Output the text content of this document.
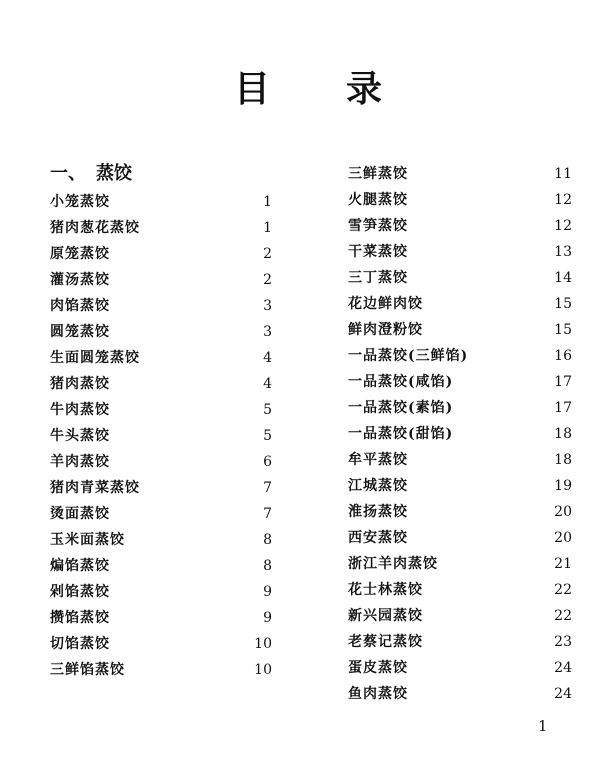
目 录
一、 蒸饺
小笼蒸饺	1
猪肉葱花蒸饺	1
原笼蒸饺	2
灌汤蒸饺	2
肉馅蒸饺	3
圆笼蒸饺	3
生面圆笼蒸饺	4
猪肉蒸饺	4
牛肉蒸饺	5
牛头蒸饺	5
羊肉蒸饺	6
猪肉青菜蒸饺	7
烫面蒸饺	7
玉米面蒸饺	8
煸馅蒸饺	8
剁馅蒸饺	9
攒馅蒸饺	9
切馅蒸饺	10
三鲜馅蒸饺	10
三鲜蒸饺	11
火腿蒸饺	12
雪笋蒸饺	12
干菜蒸饺	13
三丁蒸饺	14
花边鲜肉饺	15
鲜肉澄粉饺	15
一品蒸饺(三鲜馅)	16
一品蒸饺(咸馅)	17
一品蒸饺(素馅)	17
一品蒸饺(甜馅)	18
牟平蒸饺	18
江城蒸饺	19
淮扬蒸饺	20
西安蒸饺	20
浙江羊肉蒸饺	21
花士林蒸饺	22
新兴园蒸饺	22
老蔡记蒸饺	23
蛋皮蒸饺	24
鱼肉蒸饺	24
1
